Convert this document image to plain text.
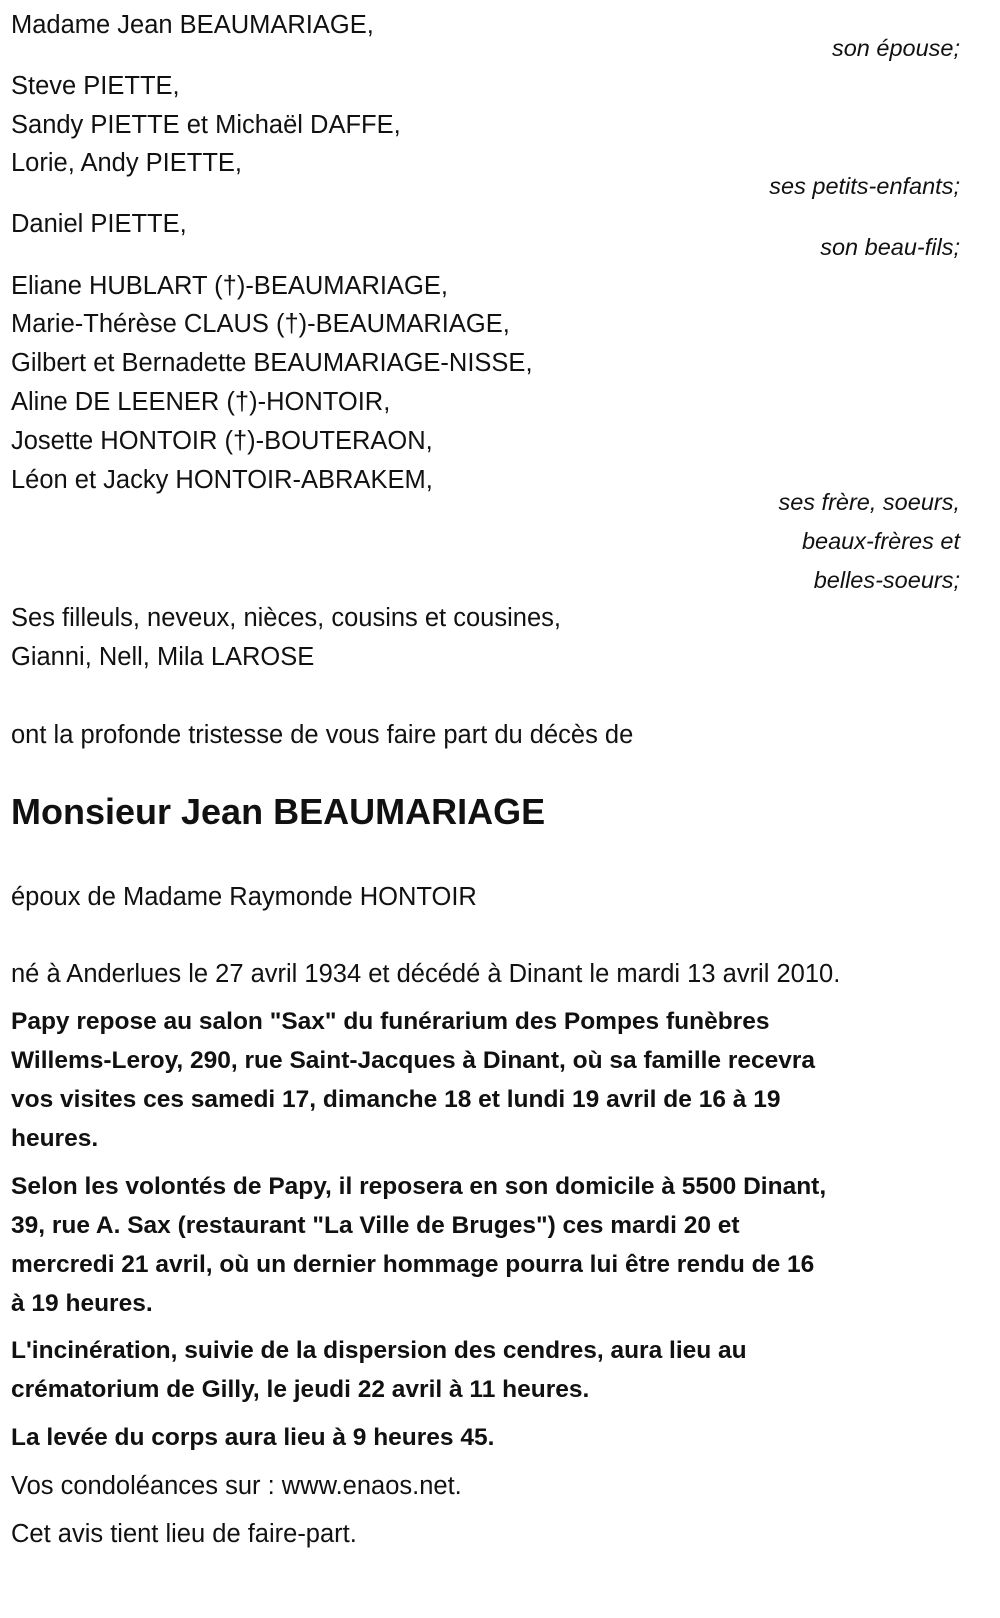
Madame Jean BEAUMARIAGE,
son épouse;
Steve PIETTE,
Sandy PIETTE et Michaël DAFFE,
Lorie, Andy PIETTE,
ses petits-enfants;
Daniel PIETTE,
son beau-fils;
Eliane HUBLART (†)-BEAUMARIAGE,
Marie-Thérèse CLAUS (†)-BEAUMARIAGE,
Gilbert et Bernadette BEAUMARIAGE-NISSE,
Aline DE LEENER (†)-HONTOIR,
Josette HONTOIR (†)-BOUTERAON,
Léon et Jacky HONTOIR-ABRAKEM,
ses frère, soeurs,
beaux-frères et
belles-soeurs;
Ses filleuls, neveux, nièces, cousins et cousines,
Gianni, Nell, Mila LAROSE
ont la profonde tristesse de vous faire part du décès de
Monsieur Jean BEAUMARIAGE
époux de Madame Raymonde HONTOIR
né à Anderlues le 27 avril 1934 et décédé à Dinant le mardi 13 avril 2010.
Papy repose au salon "Sax" du funérarium des Pompes funèbres
Willems-Leroy, 290, rue Saint-Jacques à Dinant, où sa famille recevra
vos visites ces samedi 17, dimanche 18 et lundi 19 avril de 16 à 19
heures.
Selon les volontés de Papy, il reposera en son domicile à 5500 Dinant,
39, rue A. Sax (restaurant "La Ville de Bruges") ces mardi 20 et
mercredi 21 avril, où un dernier hommage pourra lui être rendu de 16
à 19 heures.
L'incinération, suivie de la dispersion des cendres, aura lieu au
crématorium de Gilly, le jeudi 22 avril à 11 heures.
La levée du corps aura lieu à 9 heures 45.
Vos condoléances sur : www.enaos.net.
Cet avis tient lieu de faire-part.
